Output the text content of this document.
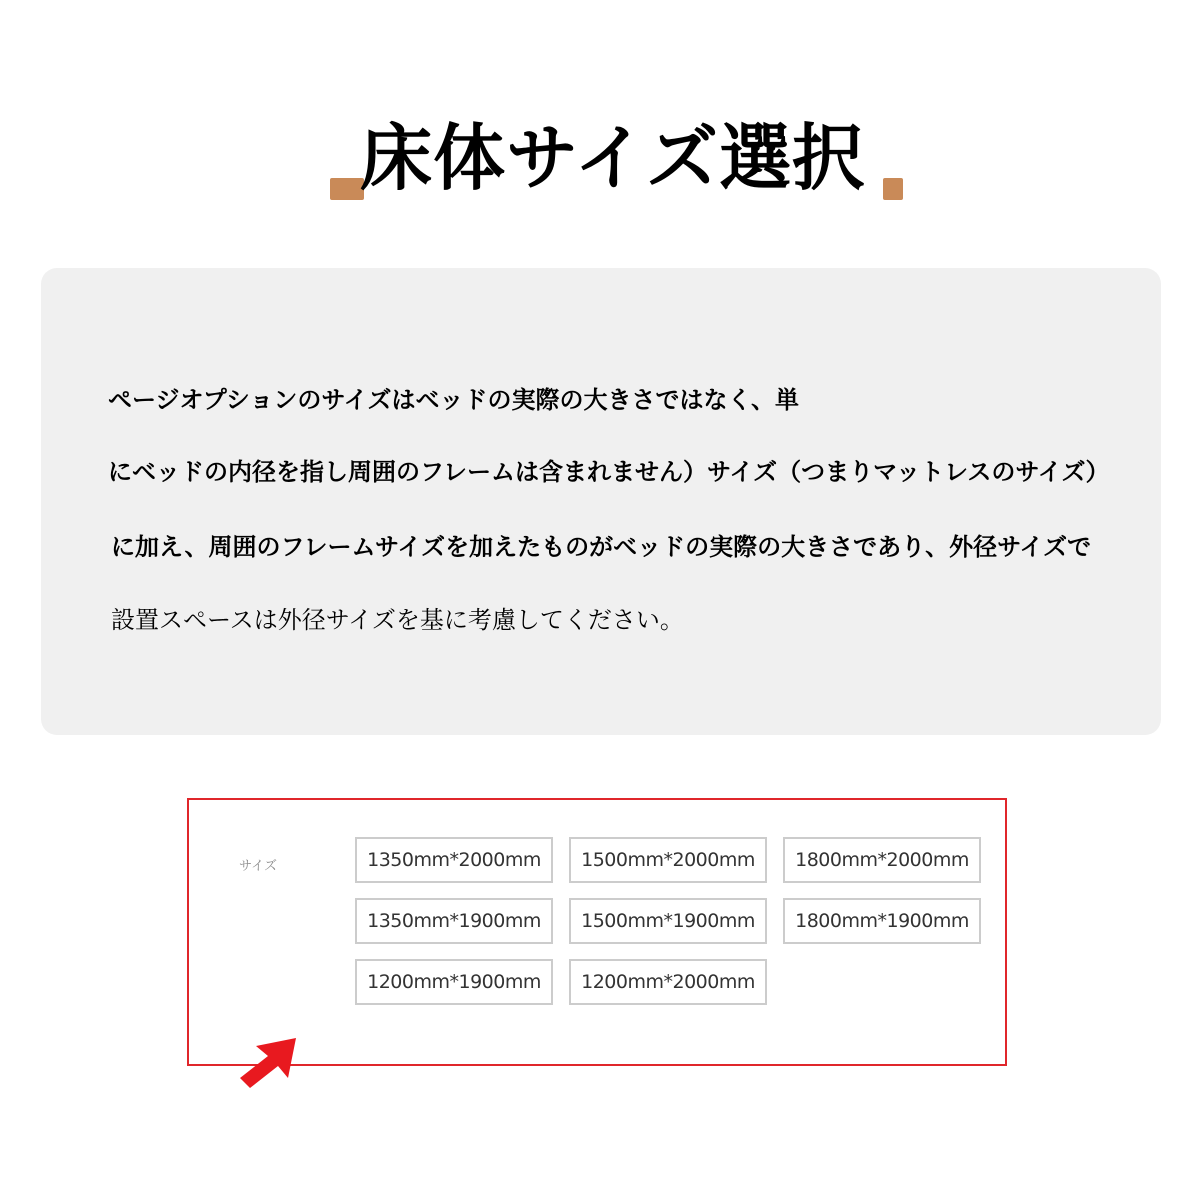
床体サイズ選択
ページオプションのサイズはベッドの実際の大きさではなく、単
にベッドの内径を指し周囲のフレームは含まれません）サイズ（つまりマットレスのサイズ）
に加え、周囲のフレームサイズを加えたものがベッドの実際の大きさであり、外径サイズで
設置スペースは外径サイズを基に考慮してください。
サイズ	1350mm*2000mm	1500mm*2000mm	1800mm*2000mm
1350mm*1900mm	1500mm*1900mm	1800mm*1900mm
1200mm*1900mm	1200mm*2000mm
